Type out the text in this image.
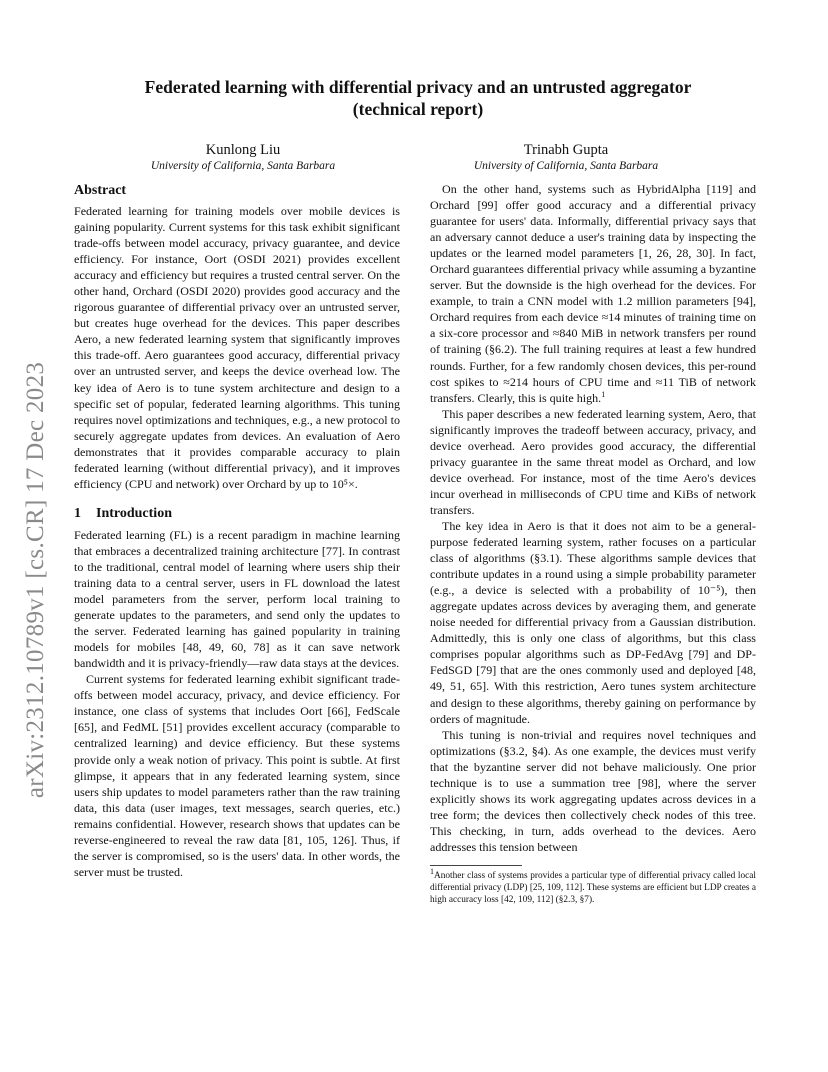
arXiv:2312.10789v1 [cs.CR] 17 Dec 2023
Federated learning with differential privacy and an untrusted aggregator
(technical report)
Kunlong Liu
University of California, Santa Barbara
Trinabh Gupta
University of California, Santa Barbara
Abstract

Federated learning for training models over mobile devices is gaining popularity. Current systems for this task exhibit significant trade-offs between model accuracy, privacy guarantee, and device efficiency. For instance, Oort (OSDI 2021) provides excellent accuracy and efficiency but requires a trusted central server. On the other hand, Orchard (OSDI 2020) provides good accuracy and the rigorous guarantee of differential privacy over an untrusted server, but creates huge overhead for the devices. This paper describes Aero, a new federated learning system that significantly improves this trade-off. Aero guarantees good accuracy, differential privacy over an untrusted server, and keeps the device overhead low. The key idea of Aero is to tune system architecture and design to a specific set of popular, federated learning algorithms. This tuning requires novel optimizations and techniques, e.g., a new protocol to securely aggregate updates from devices. An evaluation of Aero demonstrates that it provides comparable accuracy to plain federated learning (without differential privacy), and it improves efficiency (CPU and network) over Orchard by up to 10⁵×.

1 Introduction

Federated learning (FL) is a recent paradigm in machine learning that embraces a decentralized training architecture [77]. In contrast to the traditional, central model of learning where users ship their training data to a central server, users in FL download the latest model parameters from the server, perform local training to generate updates to the parameters, and send only the updates to the server. Federated learning has gained popularity in training models for mobiles [48, 49, 60, 78] as it can save network bandwidth and it is privacy-friendly—raw data stays at the devices.

Current systems for federated learning exhibit significant trade-offs between model accuracy, privacy, and device efficiency. For instance, one class of systems that includes Oort [66], FedScale [65], and FedML [51] provides excellent accuracy (comparable to centralized learning) and device efficiency. But these systems provide only a weak notion of privacy. This point is subtle. At first glimpse, it appears that in any federated learning system, since users ship updates to model parameters rather than the raw training data, this data (user images, text messages, search queries, etc.) remains confidential. However, research shows that updates can be reverse-engineered to reveal the raw data [81, 105, 126]. Thus, if the server is compromised, so is the users' data. In other words, the server must be trusted.

On the other hand, systems such as HybridAlpha [119] and Orchard [99] offer good accuracy and a differential privacy guarantee for users' data. Informally, differential privacy says that an adversary cannot deduce a user's training data by inspecting the updates or the learned model parameters [1, 26, 28, 30]. In fact, Orchard guarantees differential privacy while assuming a byzantine server. But the downside is the high overhead for the devices. For example, to train a CNN model with 1.2 million parameters [94], Orchard requires from each device ≈14 minutes of training time on a six-core processor and ≈840 MiB in network transfers per round of training (§6.2). The full training requires at least a few hundred rounds. Further, for a few randomly chosen devices, this per-round cost spikes to ≈214 hours of CPU time and ≈11 TiB of network transfers. Clearly, this is quite high.$^1$

This paper describes a new federated learning system, Aero, that significantly improves the tradeoff between accuracy, privacy, and device overhead. Aero provides good accuracy, the differential privacy guarantee in the same threat model as Orchard, and low device overhead. For instance, most of the time Aero's devices incur overhead in milliseconds of CPU time and KiBs of network transfers.

The key idea in Aero is that it does not aim to be a general-purpose federated learning system, rather focuses on a particular class of algorithms (§3.1). These algorithms sample devices that contribute updates in a round using a simple probability parameter (e.g., a device is selected with a probability of 10⁻⁵), then aggregate updates across devices by averaging them, and generate noise needed for differential privacy from a Gaussian distribution. Admittedly, this is only one class of algorithms, but this class comprises popular algorithms such as DP-FedAvg [79] and DP-FedSGD [79] that are the ones commonly used and deployed [48, 49, 51, 65]. With this restriction, Aero tunes system architecture and design to these algorithms, thereby gaining on performance by orders of magnitude.

This tuning is non-trivial and requires novel techniques and optimizations (§3.2, §4). As one example, the devices must verify that the byzantine server did not behave maliciously. One prior technique is to use a summation tree [98], where the server explicitly shows its work aggregating updates across devices in a tree form; the devices then collectively check nodes of this tree. This checking, in turn, adds overhead to the devices. Aero addresses this tension between

$^1$Another class of systems provides a particular type of differential privacy called local differential privacy (LDP) [25, 109, 112]. These systems are efficient but LDP creates a high accuracy loss [42, 109, 112] (§2.3, §7).
